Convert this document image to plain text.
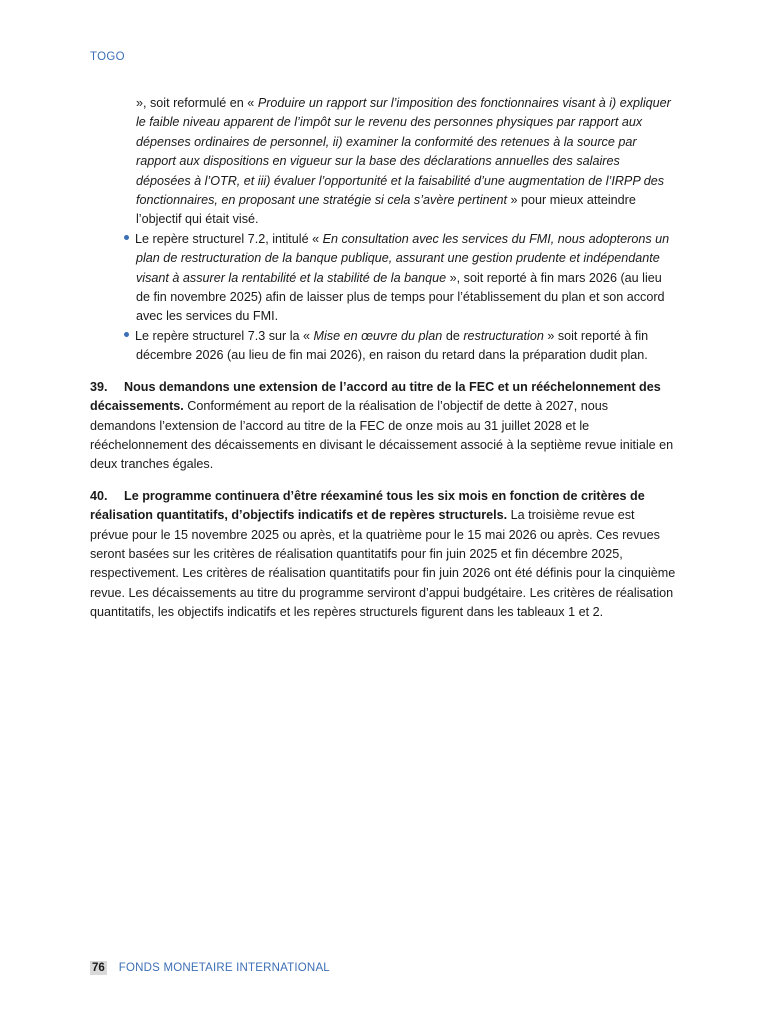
TOGO

», soit reformulé en « Produire un rapport sur l’imposition des fonctionnaires visant à i) expliquer le faible niveau apparent de l’impôt sur le revenu des personnes physiques par rapport aux dépenses ordinaires de personnel, ii) examiner la conformité des retenues à la source par rapport aux dispositions en vigueur sur la base des déclarations annuelles des salaires déposées à l’OTR, et iii) évaluer l’opportunité et la faisabilité d’une augmentation de l’IRPP des fonctionnaires, en proposant une stratégie si cela s’avère pertinent » pour mieux atteindre l’objectif qui était visé.

Le repère structurel 7.2, intitulé « En consultation avec les services du FMI, nous adopterons un plan de restructuration de la banque publique, assurant une gestion prudente et indépendante visant à assurer la rentabilité et la stabilité de la banque », soit reporté à fin mars 2026 (au lieu de fin novembre 2025) afin de laisser plus de temps pour l’établissement du plan et son accord avec les services du FMI.
Le repère structurel 7.3 sur la « Mise en œuvre du plan de restructuration » soit reporté à fin décembre 2026 (au lieu de fin mai 2026), en raison du retard dans la préparation dudit plan.

39. Nous demandons une extension de l’accord au titre de la FEC et un rééchelonnement des décaissements. Conformément au report de la réalisation de l’objectif de dette à 2027, nous demandons l’extension de l’accord au titre de la FEC de onze mois au 31 juillet 2028 et le rééchelonnement des décaissements en divisant le décaissement associé à la septième revue initiale en deux tranches égales.

40. Le programme continuera d’être réexaminé tous les six mois en fonction de critères de réalisation quantitatifs, d’objectifs indicatifs et de repères structurels. La troisième revue est prévue pour le 15 novembre 2025 ou après, et la quatrième pour le 15 mai 2026 ou après. Ces revues seront basées sur les critères de réalisation quantitatifs pour fin juin 2025 et fin décembre 2025, respectivement. Les critères de réalisation quantitatifs pour fin juin 2026 ont été définis pour la cinquième revue. Les décaissements au titre du programme serviront d’appui budgétaire. Les critères de réalisation quantitatifs, les objectifs indicatifs et les repères structurels figurent dans les tableaux 1 et 2.

76 FONDS MONETAIRE INTERNATIONAL
